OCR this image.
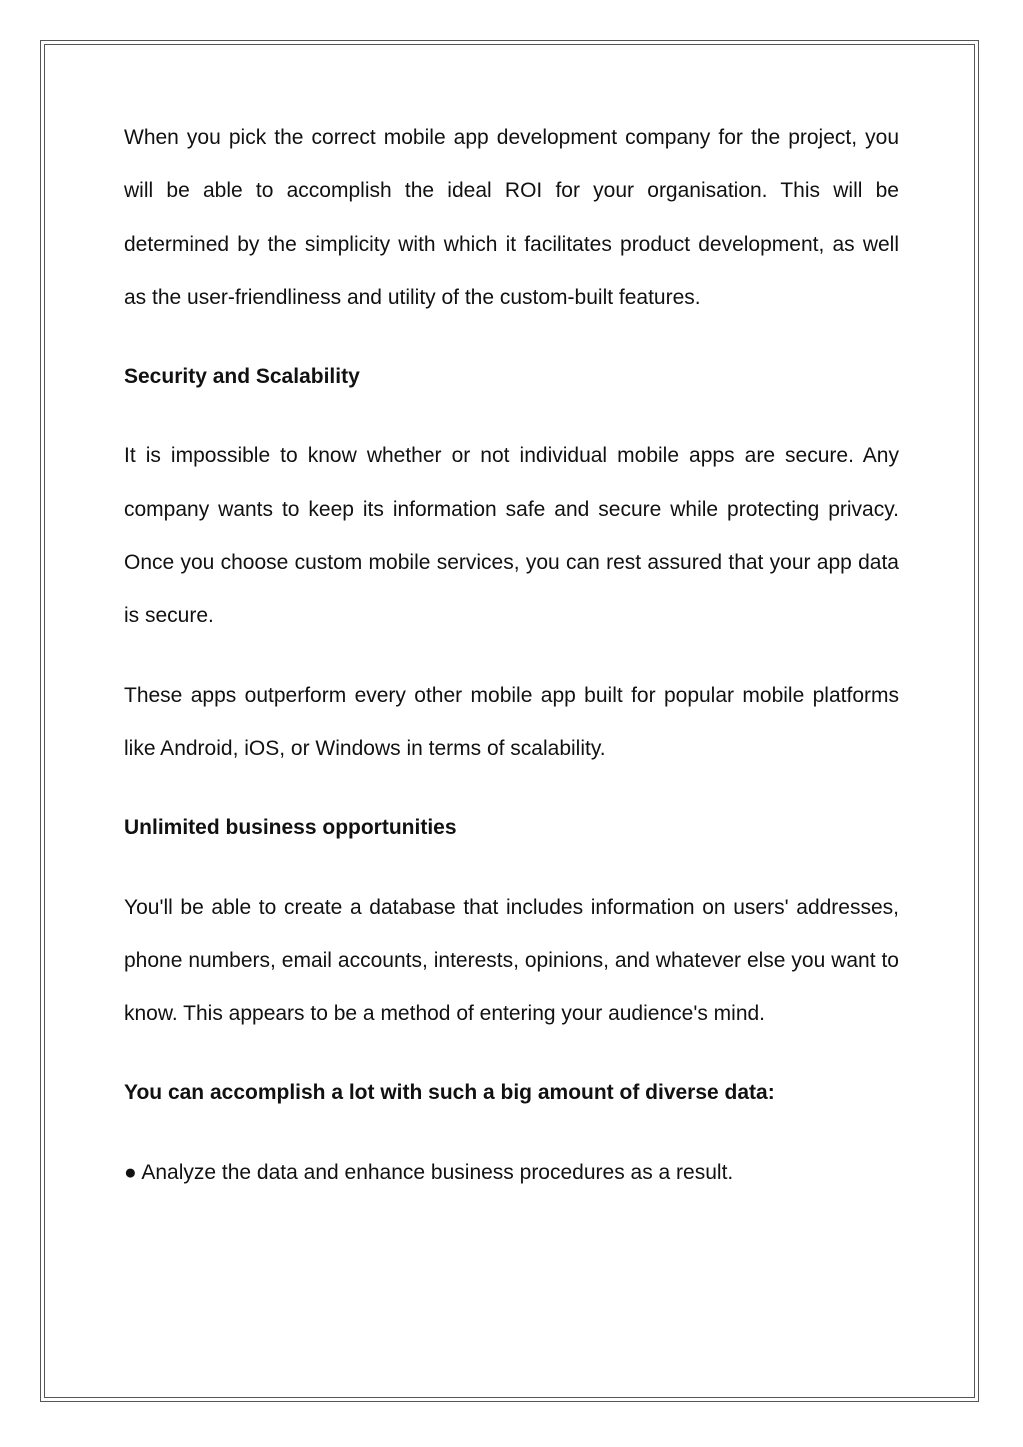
When you pick the correct mobile app development company for the project, you will be able to accomplish the ideal ROI for your organisation. This will be determined by the simplicity with which it facilitates product development, as well as the user-friendliness and utility of the custom-built features.

Security and Scalability

It is impossible to know whether or not individual mobile apps are secure. Any company wants to keep its information safe and secure while protecting privacy. Once you choose custom mobile services, you can rest assured that your app data is secure.

These apps outperform every other mobile app built for popular mobile platforms like Android, iOS, or Windows in terms of scalability.

Unlimited business opportunities

You'll be able to create a database that includes information on users' addresses, phone numbers, email accounts, interests, opinions, and whatever else you want to know. This appears to be a method of entering your audience's mind.

You can accomplish a lot with such a big amount of diverse data:

● Analyze the data and enhance business procedures as a result.
